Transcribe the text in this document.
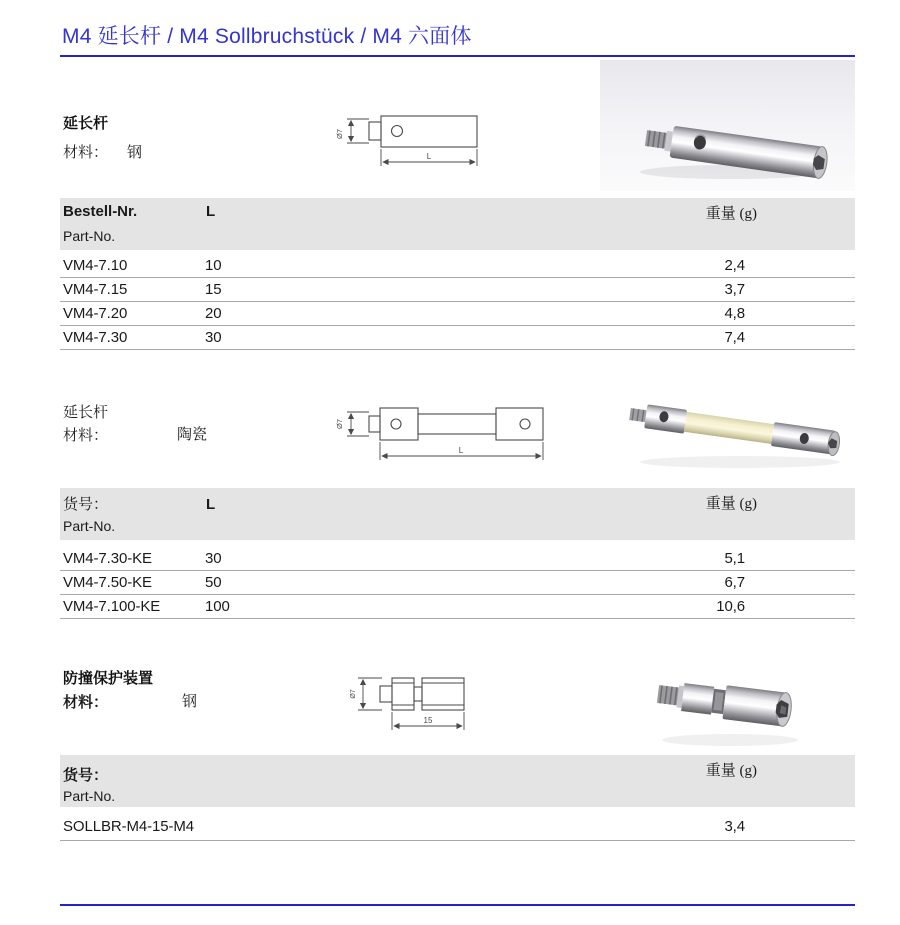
M4 延长杆 / M4 Sollbruchstück / M4 六面体
延长杆
材料： 钢
Ø7
L
Bestell-Nr.	L	重量 (g)
Part-No.
VM4-7.10	10	2,4
VM4-7.15	15	3,7
VM4-7.20	20	4,8
VM4-7.30	30	7,4
延长杆
材料：	陶瓷
Ø7
L
货号：	L	重量 (g)
Part-No.
VM4-7.30-KE	30	5,1
VM4-7.50-KE	50	6,7
VM4-7.100-KE	100	10,6
防撞保护装置
材料：	钢	Ø7
15
货号：	重量 (g)
Part-No.
SOLLBR-M4-15-M4	3,4
